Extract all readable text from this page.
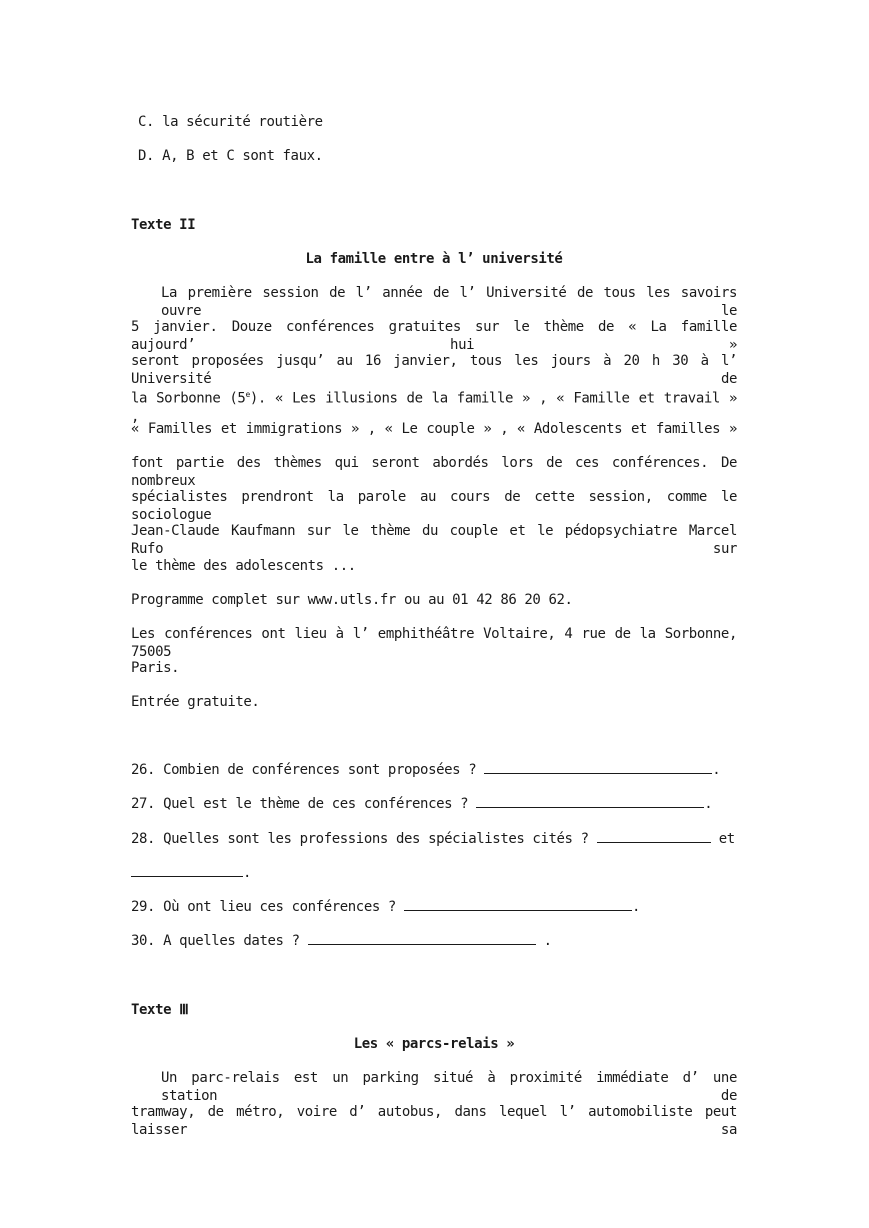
C. la sécurité routière
D. A, B et C sont faux.
Texte II
La famille entre à l’ université
La première session de l’ année de l’ Université de tous les savoirs ouvre le
5 janvier. Douze conférences gratuites sur le thème de « La famille aujourd’ hui »
seront proposées jusqu’ au 16 janvier, tous les jours à 20 h 30 à l’ Université de
la Sorbonne (5e). « Les illusions de la famille » , « Famille et travail » ,
« Familles et immigrations » , « Le couple » , « Adolescents et familles »
font partie des thèmes qui seront abordés lors de ces conférences. De nombreux
spécialistes prendront la parole au cours de cette session, comme le sociologue
Jean-Claude Kaufmann sur le thème du couple et le pédopsychiatre Marcel Rufo sur
le thème des adolescents ...
Programme complet sur www.utls.fr ou au 01 42 86 20 62.
Les conférences ont lieu à l’ emphithéâtre Voltaire, 4 rue de la Sorbonne, 75005
Paris.
Entrée gratuite.
26. Combien de conférences sont proposées ?	.
27. Quel est le thème de ces conférences ?	.
28. Quelles sont les professions des spécialistes cités ?	et
.
29. Où ont lieu ces conférences ?	.
30. A quelles dates ?	.
Texte Ⅲ
Les « parcs-relais »
Un parc-relais est un parking situé à proximité immédiate d’ une station de
tramway, de métro, voire d’ autobus, dans lequel l’ automobiliste peut laisser sa
